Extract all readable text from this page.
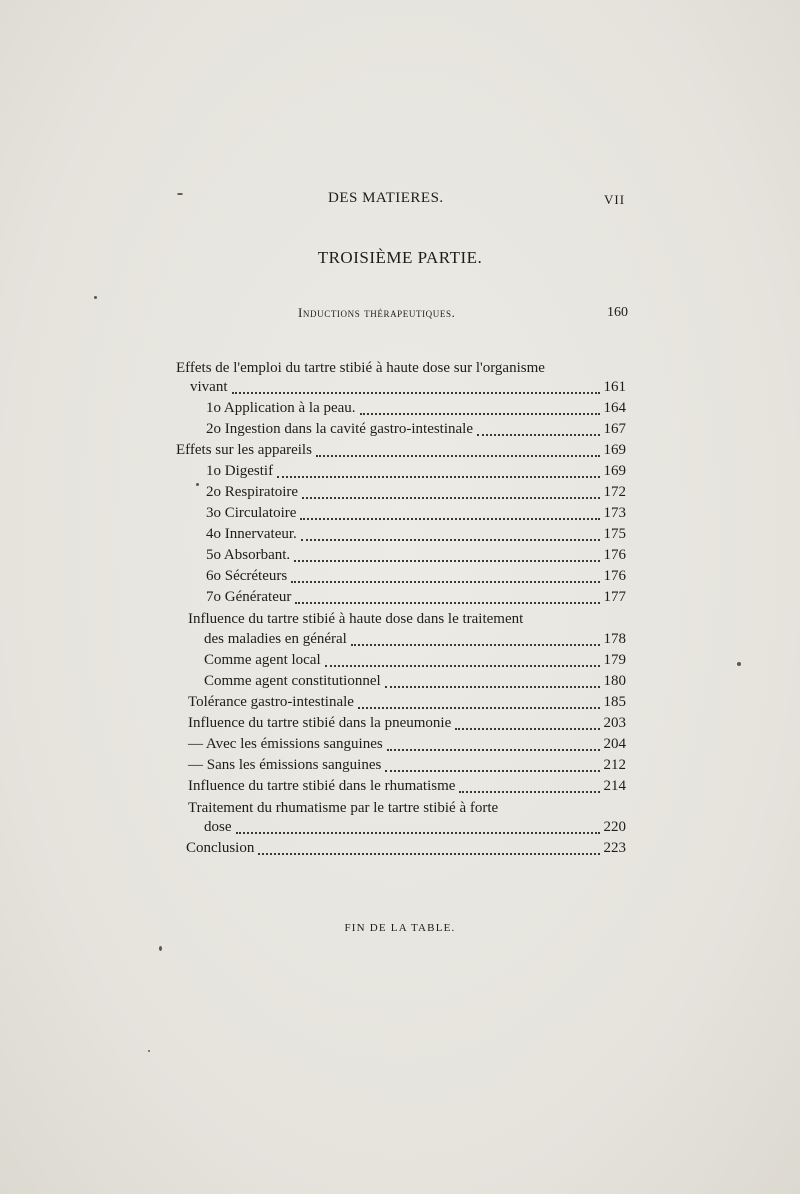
DES MATIERES.	VII
TROISIÈME PARTIE.
Inductions thérapeutiques.	160
Effets de l'emploi du tartre stibié à haute dose sur l'organisme
vivant	161
1o Application à la peau.	164
2o Ingestion dans la cavité gastro-intestinale	167
Effets sur les appareils	169
1o Digestif	169
2o Respiratoire	172
3o Circulatoire	173
4o Innervateur.	175
5o Absorbant.	176
6o Sécréteurs	176
7o Générateur	177
Influence du tartre stibié à haute dose dans le traitement
des maladies en général	178
Comme agent local	179
Comme agent constitutionnel	180
Tolérance gastro-intestinale	185
Influence du tartre stibié dans la pneumonie	203
— Avec les émissions sanguines	204
— Sans les émissions sanguines	212
Influence du tartre stibié dans le rhumatisme	214
Traitement du rhumatisme par le tartre stibié à forte
dose	220
Conclusion	223
FIN DE LA TABLE.
